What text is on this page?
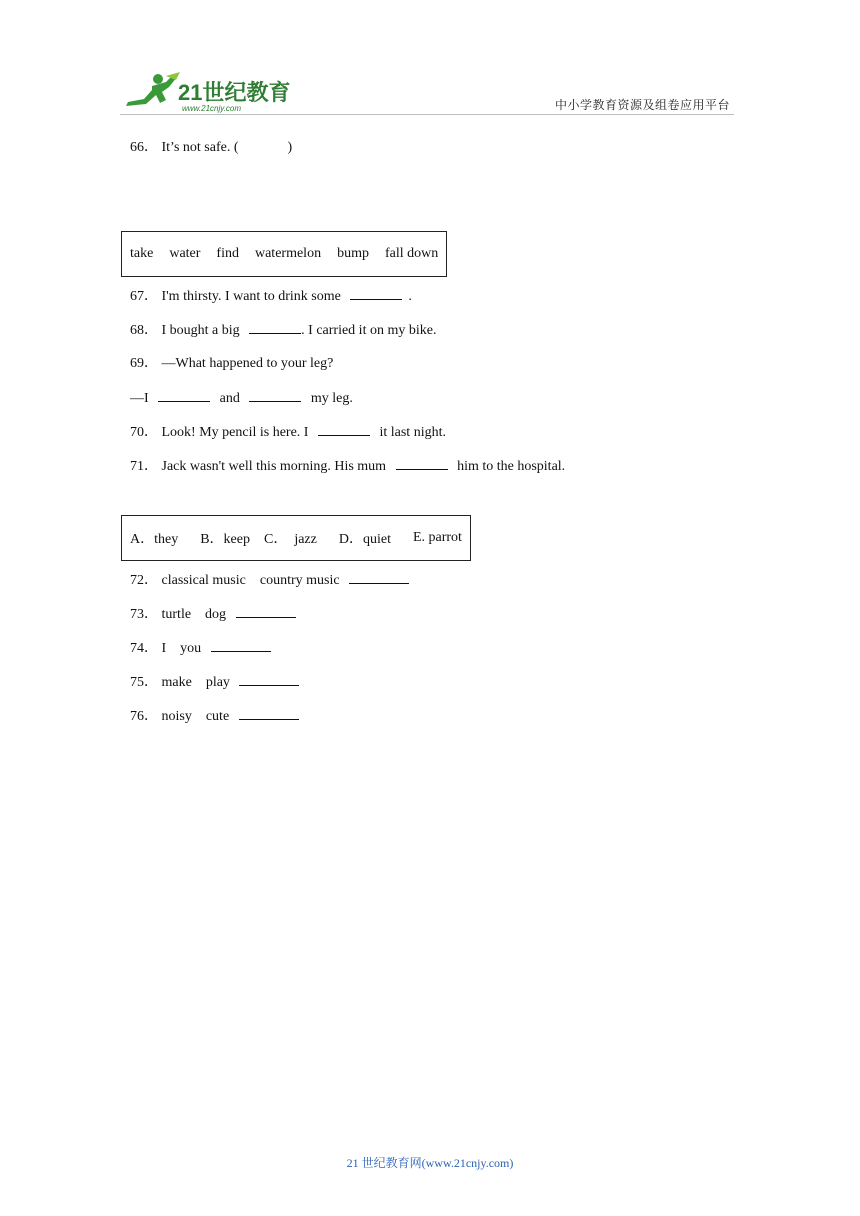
21世纪教育
www.21cnjy.com	中小学教育资源及组卷应用平台
66． It’s not safe. (	)
take water find watermelon bump fall down
67． I'm thirsty. I want to drink some	.
68． I bought a big	. I carried it on my bike.
69． —What happened to your leg?
—I	and	my leg.
70． Look! My pencil is here. I	it last night.
71． Jack wasn't well this morning. His mum	him to the hospital.
A．they B．keep C．  jazz D．quiet E. parrot
72． classical music    country music
73． turtle    dog
74． I    you
75． make    play
76． noisy    cute
21 世纪教育网(www.21cnjy.com)
